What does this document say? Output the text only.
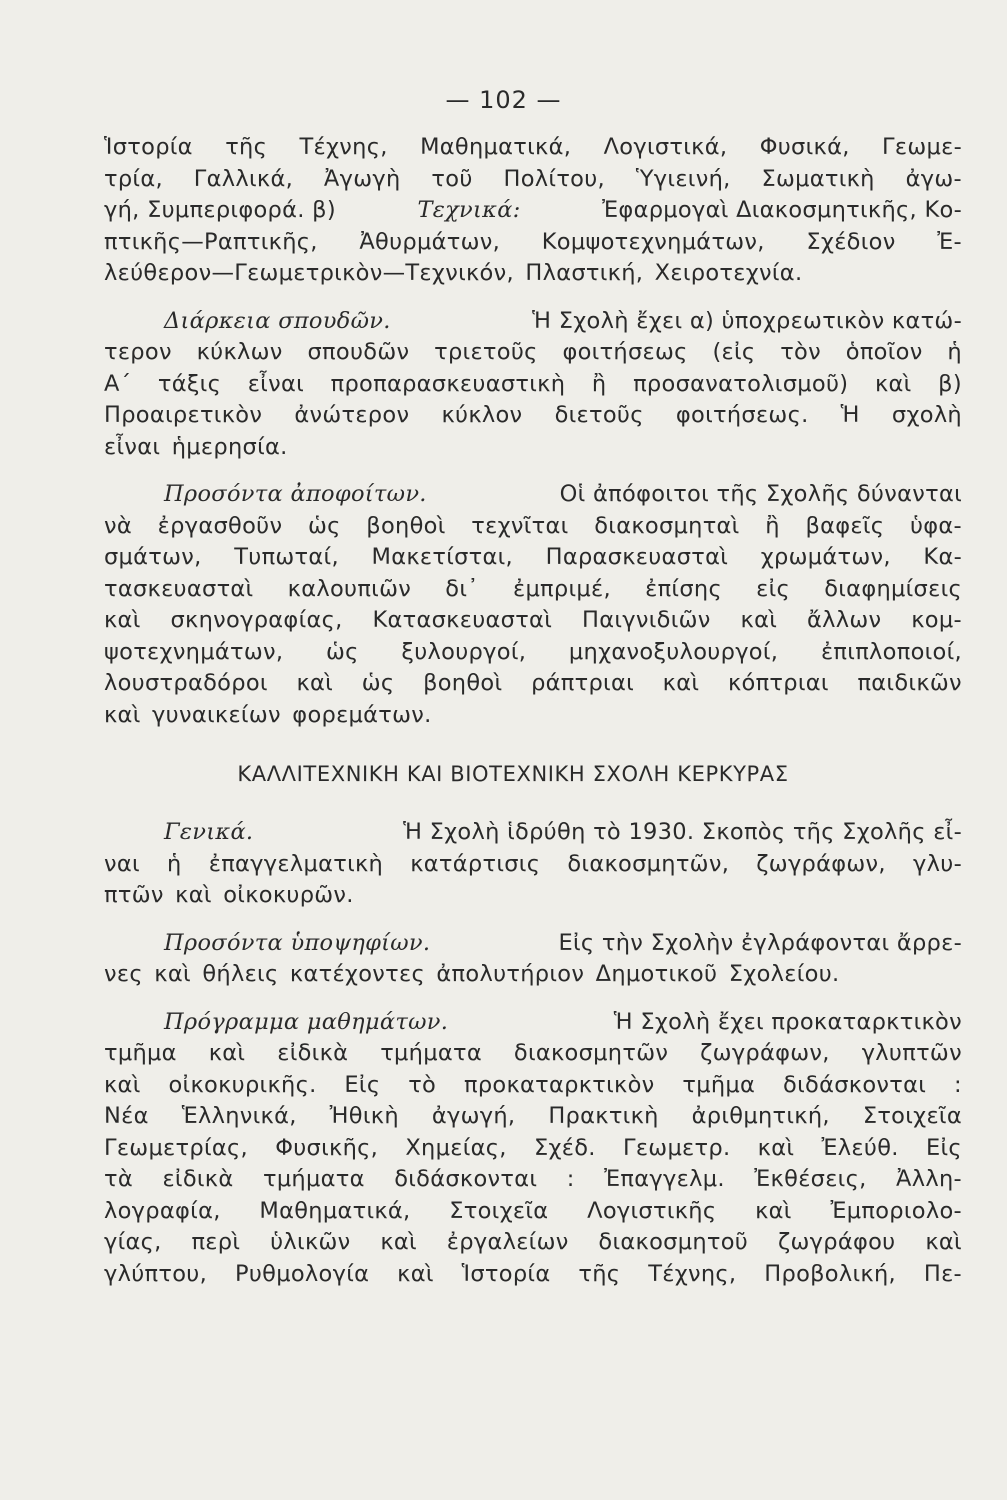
— 102 —
Ἱστορία τῆς Τέχνης, Μαθηματικά, Λογιστικά, Φυσικά, Γεωμε-
τρία, Γαλλικά, Ἀγωγὴ τοῦ Πολίτου, Ὑγιεινή, Σωματικὴ ἀγω-
γή, Συμπεριφορά. β)	Τεχνικά:	Ἐφαρμογαὶ Διακοσμητικῆς, Κο-
πτικῆς—Ραπτικῆς, Ἀθυρμάτων, Κομψοτεχνημάτων, Σχέδιον Ἐ-
λεύθερον—Γεωμετρικὸν—Τεχνικόν, Πλαστική, Χειροτεχνία.
Διάρκεια σπουδῶν.	Ἡ Σχολὴ ἔχει α) ὑποχρεωτικὸν κατώ-
τερον κύκλων σπουδῶν τριετοῦς φοιτήσεως (εἰς τὸν ὁποῖον ἡ
Α΄ τάξις εἶναι προπαρασκευαστικὴ ἢ προσανατολισμοῦ) καὶ β)
Προαιρετικὸν ἀνώτερον κύκλον διετοῦς φοιτήσεως. Ἡ σχολὴ
εἶναι ἡμερησία.
Προσόντα ἀποφοίτων.	Οἱ ἀπόφοιτοι τῆς Σχολῆς δύνανται
νὰ ἐργασθοῦν ὡς βοηθοὶ τεχνῖται διακοσμηταὶ ἢ βαφεῖς ὑφα-
σμάτων, Τυπωταί, Μακετίσται, Παρασκευασταὶ χρωμάτων, Κα-
τασκευασταὶ καλουπιῶν δι᾽ ἐμπριμέ, ἐπίσης εἰς διαφημίσεις
καὶ σκηνογραφίας, Κατασκευασταὶ Παιγνιδιῶν καὶ ἄλλων κομ-
ψοτεχνημάτων, ὡς ξυλουργοί, μηχανοξυλουργοί, ἐπιπλοποιοί,
λουστραδόροι καὶ ὡς βοηθοὶ ράπτριαι καὶ κόπτριαι παιδικῶν
καὶ γυναικείων φορεμάτων.
ΚΑΛΛΙΤΕΧΝΙΚΗ ΚΑΙ ΒΙΟΤΕΧΝΙΚΗ ΣΧΟΛΗ ΚΕΡΚΥΡΑΣ
Γενικά.	Ἡ Σχολὴ ἱδρύθη τὸ 1930. Σκοπὸς τῆς Σχολῆς εἶ-
ναι ἡ ἐπαγγελματικὴ κατάρτισις διακοσμητῶν, ζωγράφων, γλυ-
πτῶν καὶ οἰκοκυρῶν.
Προσόντα ὑποψηφίων.	Εἰς τὴν Σχολὴν ἐγλράφονται ἄρρε-
νες καὶ θήλεις κατέχοντες ἀπολυτήριον Δημοτικοῦ Σχολείου.
Πρόγραμμα μαθημάτων.	Ἡ Σχολὴ ἔχει προκαταρκτικὸν
τμῆμα καὶ εἰδικὰ τμήματα διακοσμητῶν ζωγράφων, γλυπτῶν
καὶ οἰκοκυρικῆς. Εἰς τὸ προκαταρκτικὸν τμῆμα διδάσκονται :
Νέα Ἑλληνικά, Ἠθικὴ ἀγωγή, Πρακτικὴ ἀριθμητική, Στοιχεῖα
Γεωμετρίας, Φυσικῆς, Χημείας, Σχέδ. Γεωμετρ. καὶ Ἐλεύθ. Εἰς
τὰ εἰδικὰ τμήματα διδάσκονται : Ἐπαγγελμ. Ἐκθέσεις, Ἀλλη-
λογραφία, Μαθηματικά, Στοιχεῖα Λογιστικῆς καὶ Ἐμποριολο-
γίας, περὶ ὑλικῶν καὶ ἐργαλείων διακοσμητοῦ ζωγράφου καὶ
γλύπτου, Ρυθμολογία καὶ Ἱστορία τῆς Τέχνης, Προβολική, Πε-
